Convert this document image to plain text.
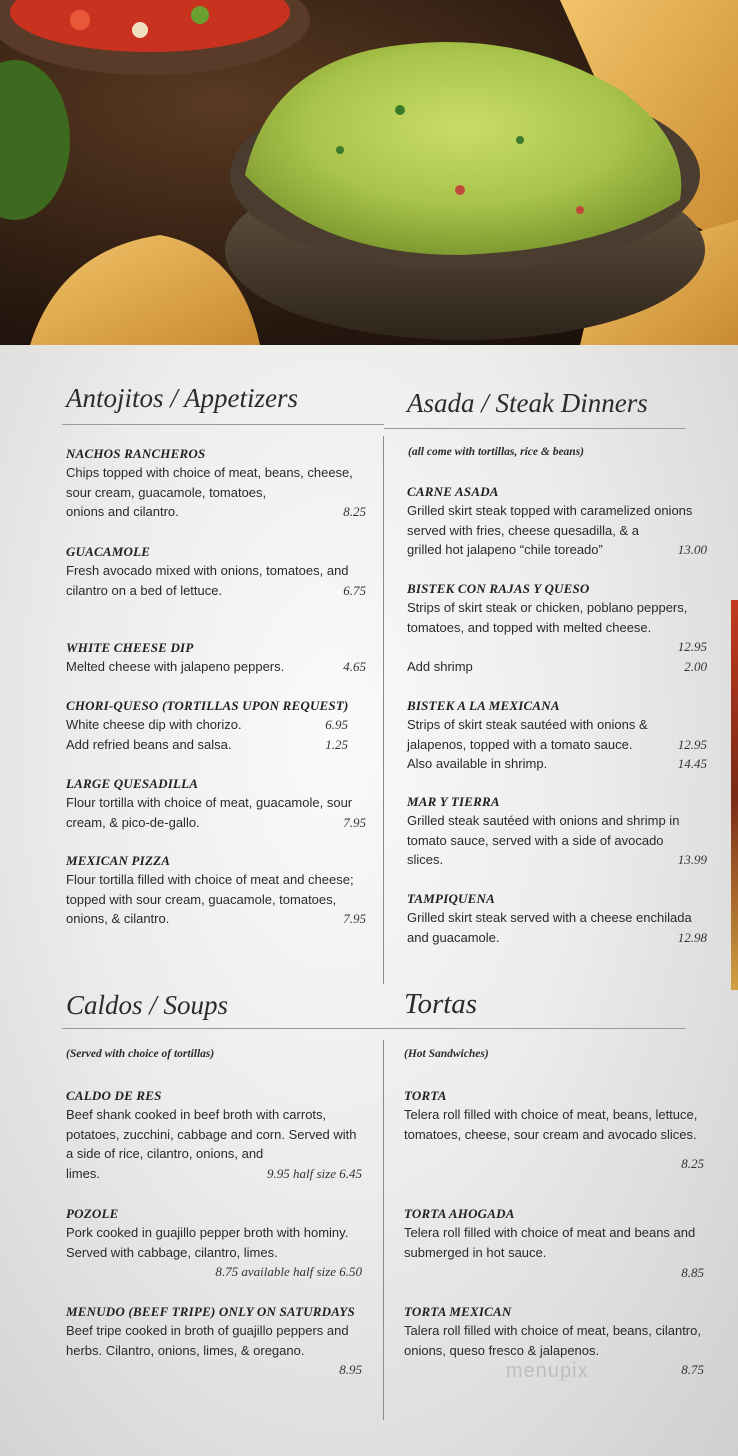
Antojitos / Appetizers
NACHOS RANCHEROS
Chips topped with choice of meat, beans, cheese, sour cream, guacamole, tomatoes,
onions and cilantro.	8.25
GUACAMOLE
Fresh avocado mixed with onions, tomatoes, and
cilantro on a bed of lettuce.	6.75
WHITE CHEESE DIP
Melted cheese with jalapeno peppers.	4.65
CHORI-QUESO (TORTILLAS UPON REQUEST)
White cheese dip with chorizo.	6.95
Add refried beans and salsa.	1.25
LARGE QUESADILLA
Flour tortilla with choice of meat, guacamole, sour
cream, & pico-de-gallo.	7.95
MEXICAN PIZZA
Flour tortilla filled with choice of meat and cheese; topped with sour cream, guacamole, tomatoes,
onions, & cilantro.	7.95
Asada / Steak Dinners
(all come with tortillas, rice & beans)
CARNE ASADA
Grilled skirt steak topped with caramelized onions served with fries, cheese quesadilla, & a
grilled hot jalapeno “chile toreado”	13.00
BISTEK CON RAJAS Y QUESO
Strips of skirt steak or chicken, poblano peppers, tomatoes, and topped with melted cheese.
12.95
Add shrimp	2.00
BISTEK A LA MEXICANA
Strips of skirt steak sautéed with onions &
jalapenos, topped with a tomato sauce.	12.95
Also available in shrimp.	14.45
MAR Y TIERRA
Grilled steak sautéed with onions and shrimp in tomato sauce, served with a side of avocado
slices.	13.99
TAMPIQUENA
Grilled skirt steak served with a cheese enchilada
and guacamole.	12.98
Caldos / Soups
(Served with choice of tortillas)
CALDO DE RES
Beef shank cooked in beef broth with carrots, potatoes, zucchini, cabbage and corn. Served with a side of rice, cilantro, onions, and
limes.	9.95 half size 6.45
POZOLE
Pork cooked in guajillo pepper broth with hominy. Served with cabbage, cilantro, limes.
8.75 available half size 6.50
MENUDO (BEEF TRIPE) ONLY ON SATURDAYS
Beef tripe cooked in broth of guajillo peppers and herbs. Cilantro, onions, limes, & oregano.
8.95
Tortas
(Hot Sandwiches)
TORTA
Telera roll filled with choice of meat, beans, lettuce, tomatoes, cheese, sour cream and avocado slices.
8.25
TORTA AHOGADA
Telera roll filled with choice of meat and beans and submerged in hot sauce.
8.85
TORTA MEXICAN
Talera roll filled with choice of meat, beans, cilantro, onions, queso fresco & jalapenos.
8.75
menupix
